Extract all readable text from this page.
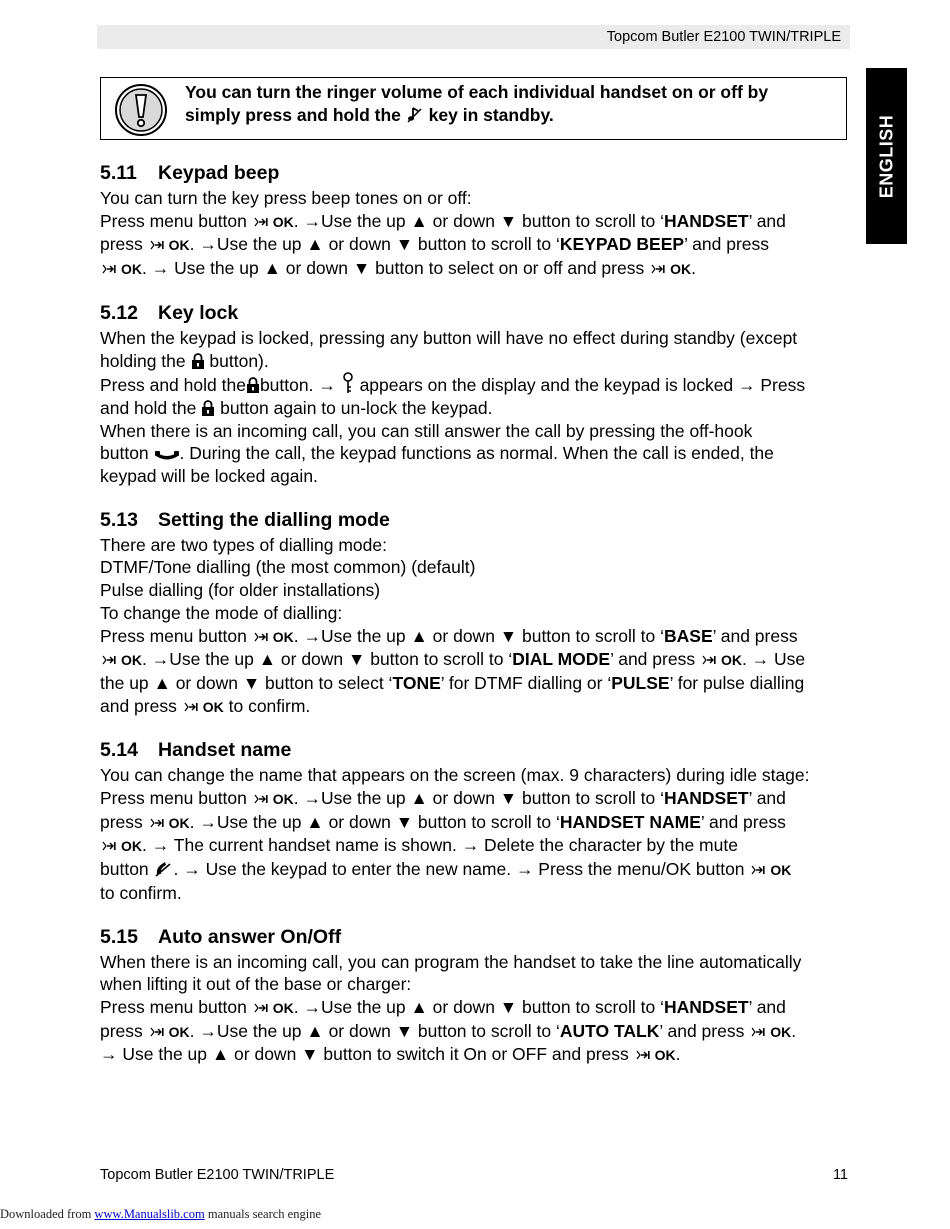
Topcom Butler E2100 TWIN/TRIPLE
ENGLISH
You can turn the ringer volume of each individual handset on or off by
simply press and hold the key in standby.
5.11 Keypad beep
You can turn the key press beep tones on or off:
Press menu button OK. →Use the up ▲ or down ▼ button to scroll to ‘HANDSET’ and
press OK. →Use the up ▲ or down ▼ button to scroll to ‘KEYPAD BEEP’ and press
OK. → Use the up ▲ or down ▼ button to select on or off and press OK.
5.12 Key lock
When the keypad is locked, pressing any button will have no effect during standby (except
holding the button).
Press and hold the button. → appears on the display and the keypad is locked → Press
and hold the button again to un-lock the keypad.
When there is an incoming call, you can still answer the call by pressing the off-hook
button . During the call, the keypad functions as normal. When the call is ended, the
keypad will be locked again.
5.13 Setting the dialling mode
There are two types of dialling mode:
DTMF/Tone dialling (the most common) (default)
Pulse dialling (for older installations)
To change the mode of dialling:
Press menu button OK. →Use the up ▲ or down ▼ button to scroll to ‘BASE’ and press
OK. →Use the up ▲ or down ▼ button to scroll to ‘DIAL MODE’ and press OK. → Use
the up ▲ or down ▼ button to select ‘TONE’ for DTMF dialling or ‘PULSE’ for pulse dialling
and press OK to confirm.
5.14 Handset name
You can change the name that appears on the screen (max. 9 characters) during idle stage:
Press menu button OK. →Use the up ▲ or down ▼ button to scroll to ‘HANDSET’ and
press OK. →Use the up ▲ or down ▼ button to scroll to ‘HANDSET NAME’ and press
OK. → The current handset name is shown. → Delete the character by the mute
button . → Use the keypad to enter the new name. → Press the menu/OK button OK
to confirm.
5.15 Auto answer On/Off
When there is an incoming call, you can program the handset to take the line automatically
when lifting it out of the base or charger:
Press menu button OK. →Use the up ▲ or down ▼ button to scroll to ‘HANDSET’ and
press OK. →Use the up ▲ or down ▼ button to scroll to ‘AUTO TALK’ and press OK.
→ Use the up ▲ or down ▼ button to switch it On or OFF and press OK.
Topcom Butler E2100 TWIN/TRIPLE	11
Downloaded from www.Manualslib.com manuals search engine
